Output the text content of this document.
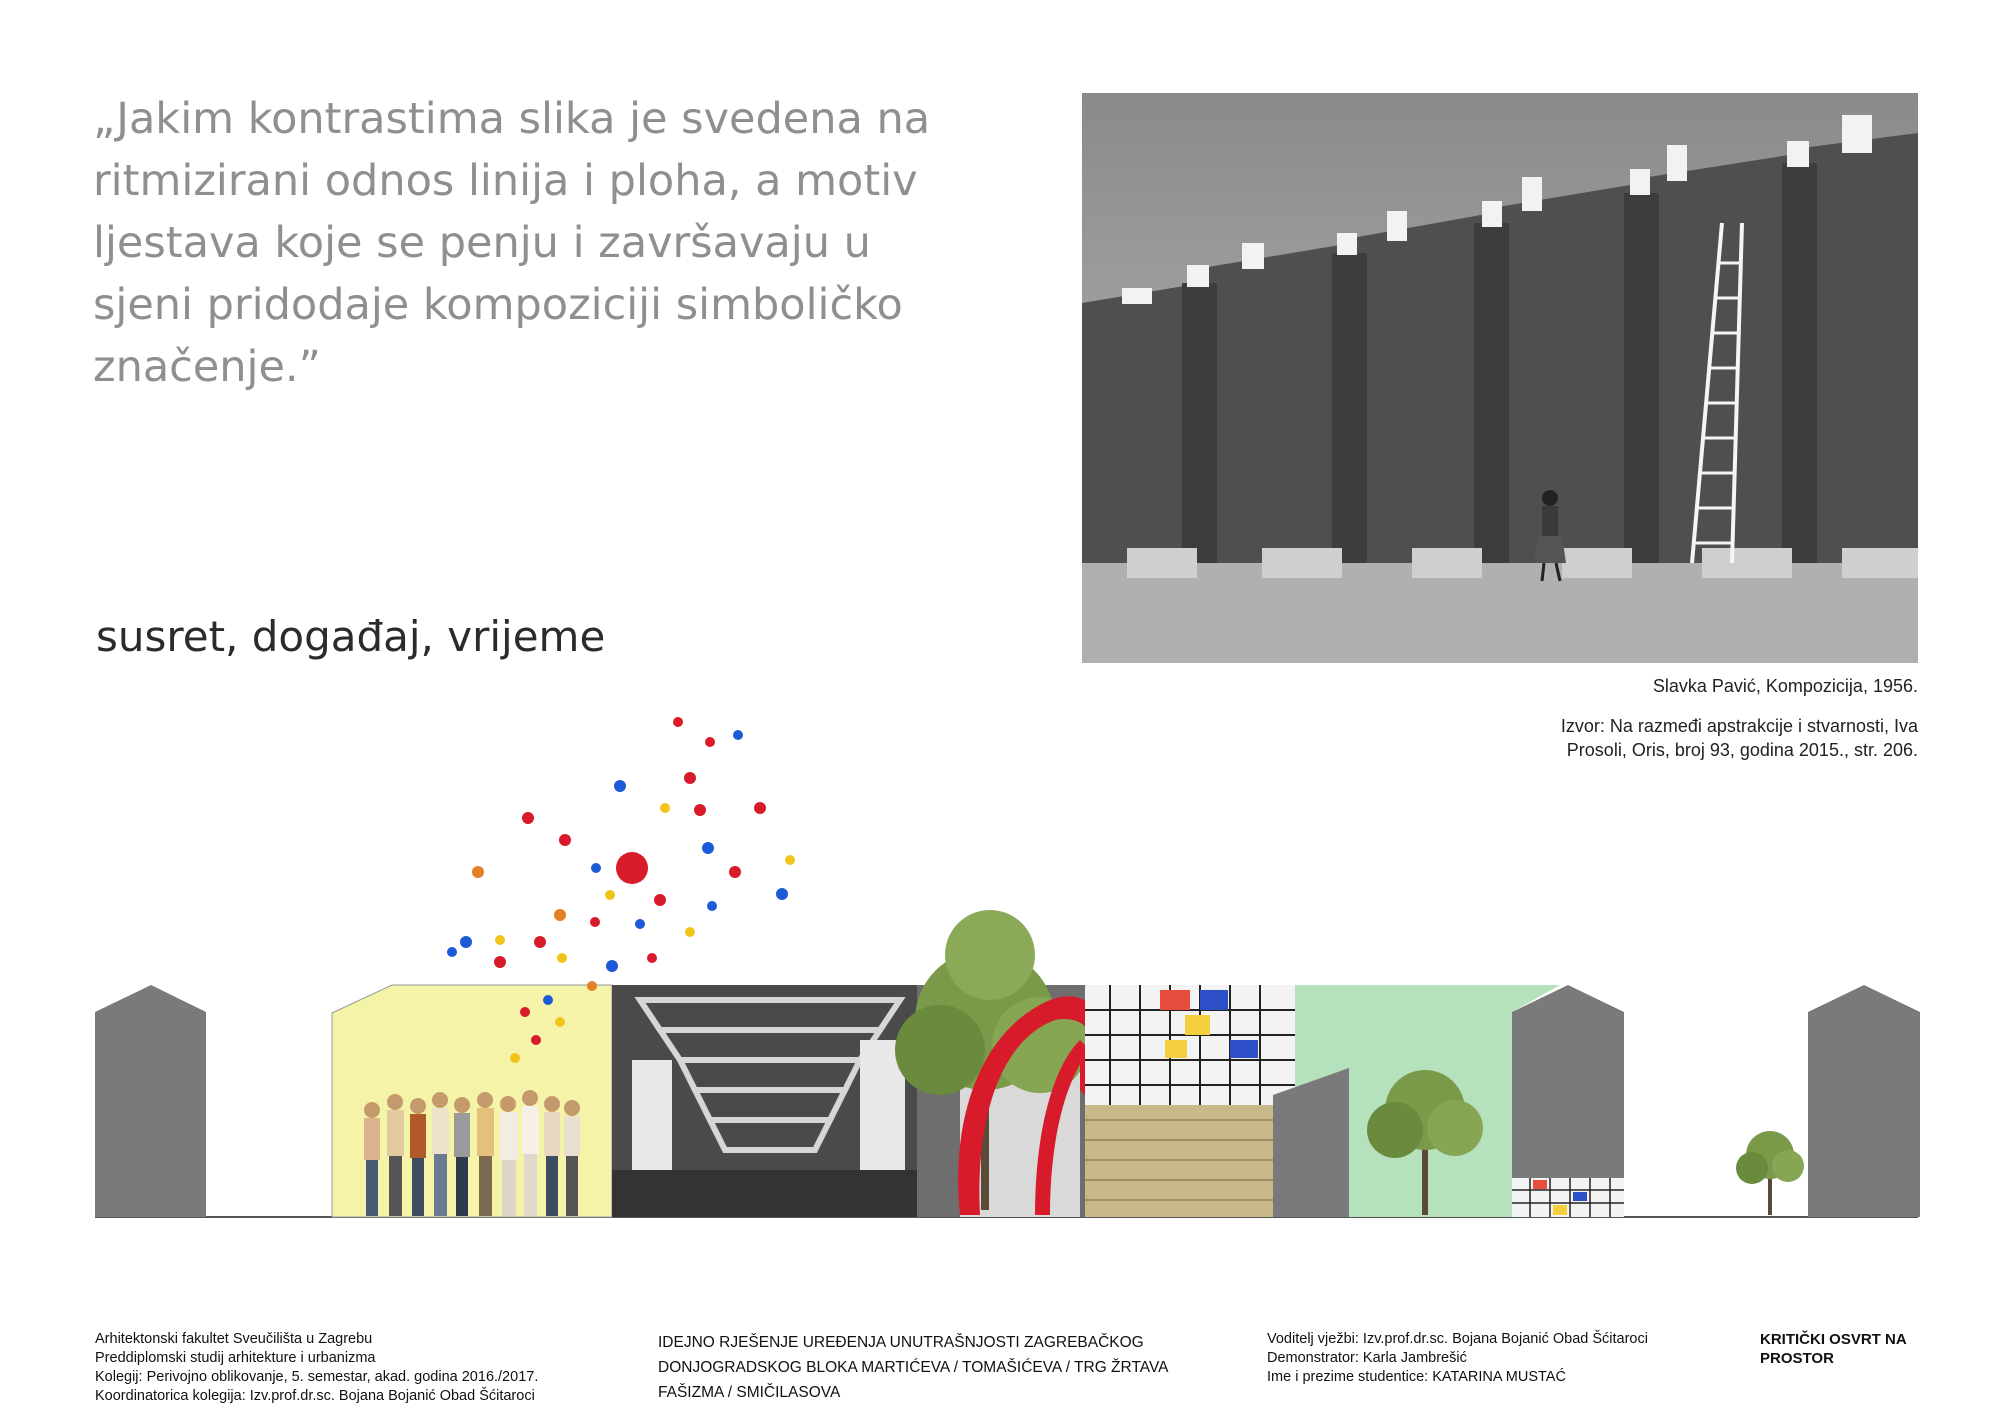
„Jakim kontrastima slika je svedena na
ritmizirani odnos linija i ploha, a motiv
ljestava koje se penju i završavaju u
sjeni pridodaje kompoziciji simboličko
značenje.”
susret, događaj, vrijeme
Slavka Pavić, Kompozicija, 1956.
Izvor: Na razmeđi apstrakcije i stvarnosti, Iva
Prosoli, Oris, broj 93, godina 2015., str. 206.
Arhitektonski fakultet Sveučilišta u Zagrebu
Preddiplomski studij arhitekture i urbanizma
Kolegij: Perivojno oblikovanje, 5. semestar, akad. godina 2016./2017.
Koordinatorica kolegija: Izv.prof.dr.sc. Bojana Bojanić Obad Šćitaroci
IDEJNO RJEŠENJE UREĐENJA UNUTRAŠNJOSTI ZAGREBAČKOG
DONJOGRADSKOG BLOKA MARTIĆEVA / TOMAŠIĆEVA / TRG ŽRTAVA
FAŠIZMA / SMIČILASOVA
Voditelj vježbi: Izv.prof.dr.sc. Bojana Bojanić Obad Šćitaroci
Demonstrator: Karla Jambrešić
Ime i prezime studentice: KATARINA MUSTAĆ
KRITIČKI OSVRT NA
PROSTOR
